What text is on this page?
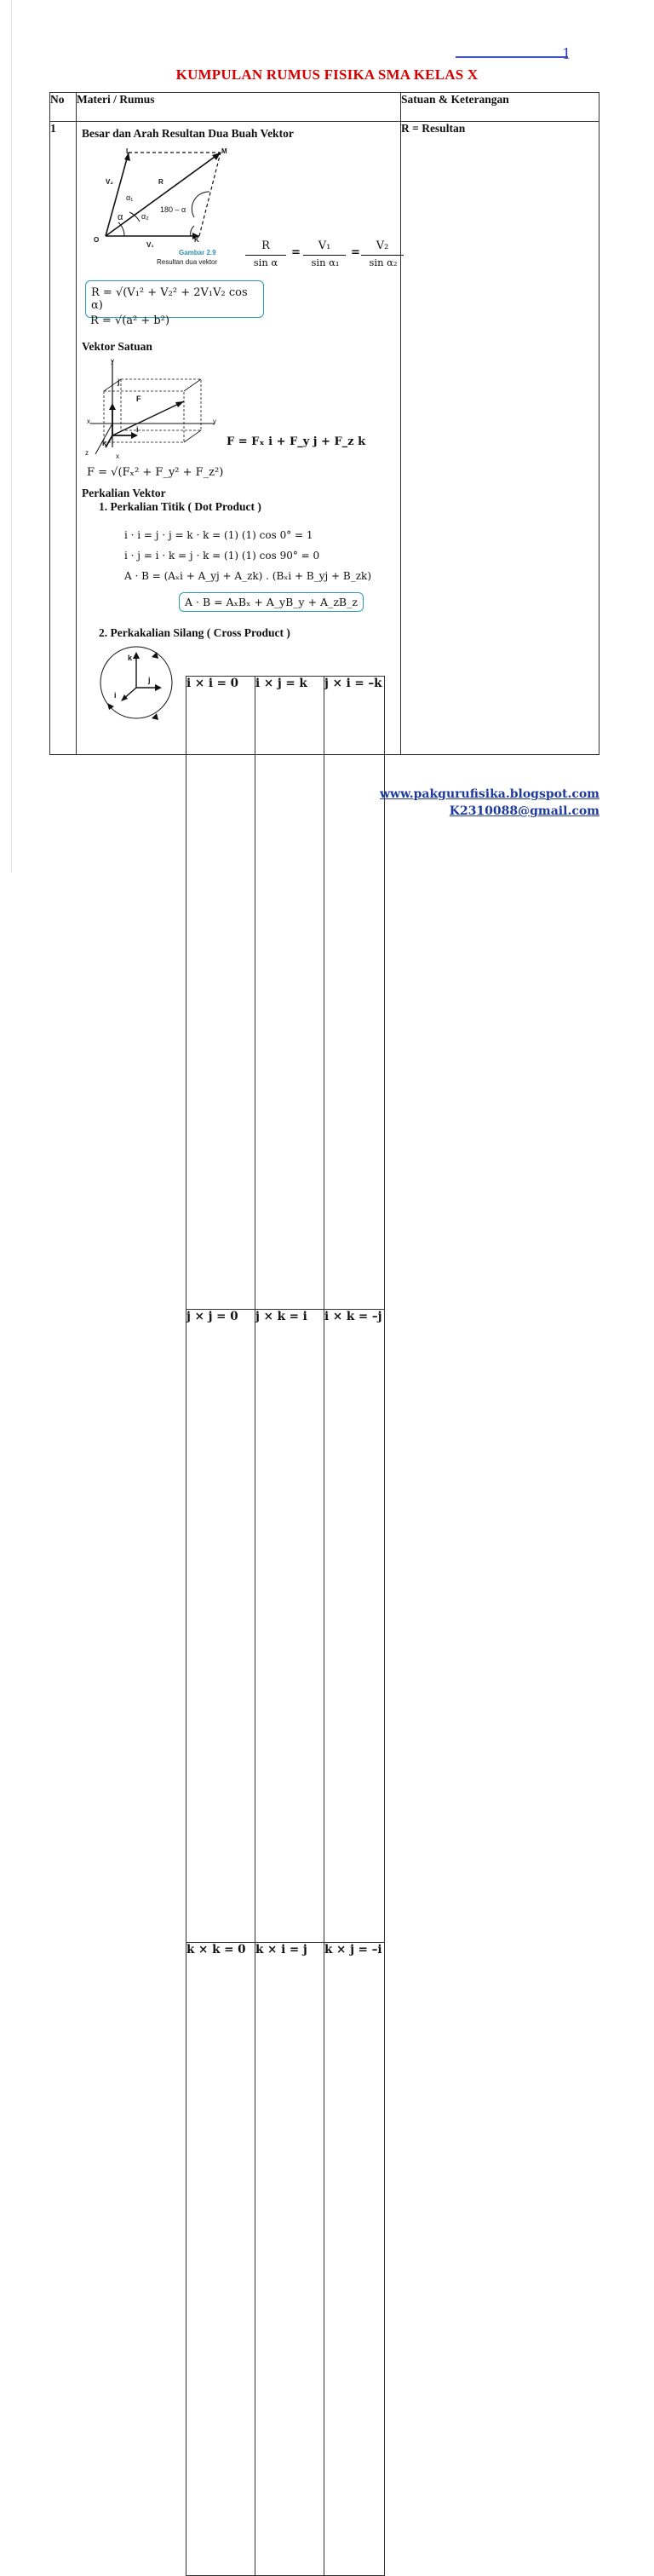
1
KUMPULAN RUMUS FISIKA SMA KELAS X
No	Materi / Rumus	Satuan & Keterangan
1	Besar dan Arah Resultan Dua Buah Vektor
L	M
O	K
V₁
V₂	R
α
α₁
α₂
180 – α
Gambar 2.9
Resultan dua vektor
R
sin α
=
V₁
sin α₁
=
V₂
sin α₂
R = √(V₁² + V₂² + 2V₁V₂ cos α)
R = √(a² + b²)
Vektor Satuan
y
x	y
z	x
j
i
k
F
F = Fₓ i + F_y j + F_z k
F = √(Fₓ² + F_y² + F_z²)
Perkalian Vektor
1. Perkalian Titik ( Dot Product )
i · i = j · j = k · k = (1) (1) cos 0° = 1
i · j = i · k = j · k = (1) (1) cos 90° = 0
A · B = (Aₓi + A_yj + A_zk) . (Bₓi + B_yj + B_zk)
A · B = AₓBₓ + A_yB_y + A_zB_z
2. Perkakalian Silang ( Cross Product )
k
j
i
i × i = 0	i × j = k	j × i = –k
j × j = 0	j × k = i	i × k = –j
k × k = 0	k × i = j	k × j = –i
	R = Resultan
www.pakgurufisika.blogspot.com
K2310088@gmail.com
